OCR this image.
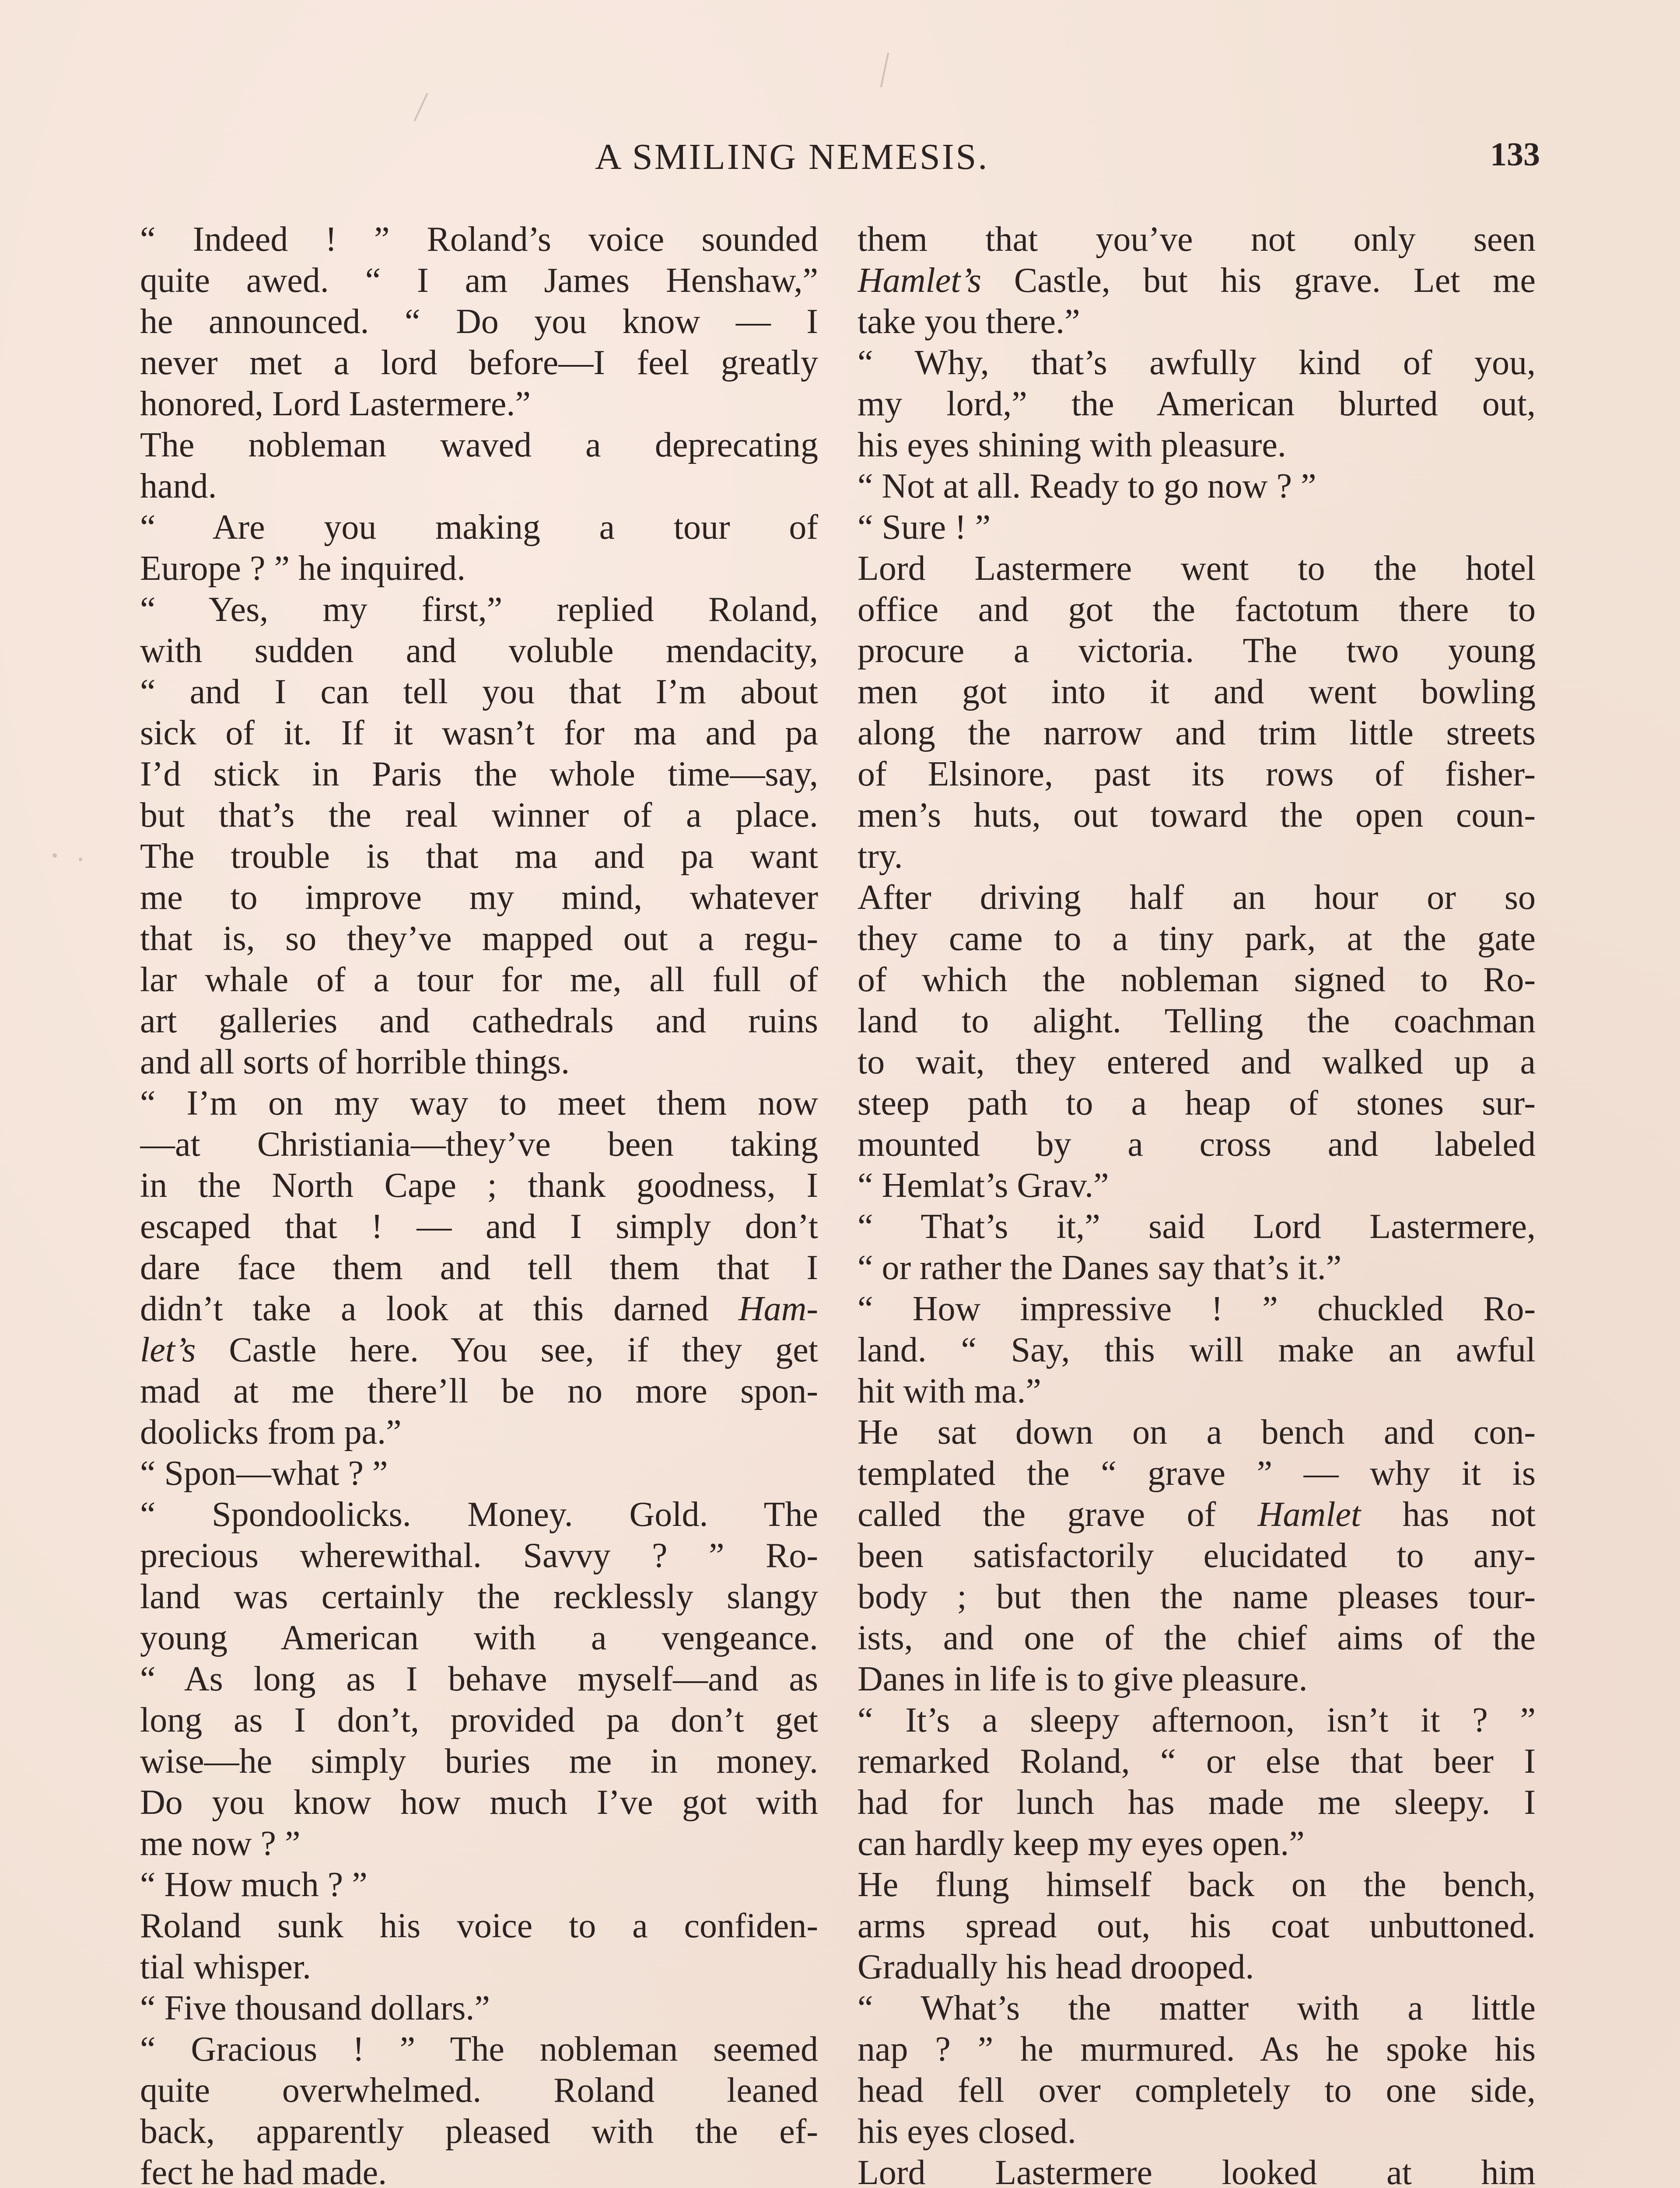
A SMILING NEMESIS.	133
“ Indeed ! ” Roland’s voice sounded
quite awed. “ I am James Henshaw,”
he announced. “ Do you know — I
never met a lord before—I feel greatly
honored, Lord Lastermere.”
The nobleman waved a deprecating
hand.
“ Are you making a tour of
Europe ? ” he inquired.
“ Yes, my first,” replied Roland,
with sudden and voluble mendacity,
“ and I can tell you that I’m about
sick of it. If it wasn’t for ma and pa
I’d stick in Paris the whole time—say,
but that’s the real winner of a place.
The trouble is that ma and pa want
me to improve my mind, whatever
that is, so they’ve mapped out a regu-
lar whale of a tour for me, all full of
art galleries and cathedrals and ruins
and all sorts of horrible things.
“ I’m on my way to meet them now
—at Christiania—they’ve been taking
in the North Cape ; thank goodness, I
escaped that ! — and I simply don’t
dare face them and tell them that I
didn’t take a look at this darned Ham-
let’s Castle here. You see, if they get
mad at me there’ll be no more spon-
doolicks from pa.”
“ Spon—what ? ”
“ Spondoolicks. Money. Gold. The
precious wherewithal. Savvy ? ” Ro-
land was certainly the recklessly slangy
young American with a vengeance.
“ As long as I behave myself—and as
long as I don’t, provided pa don’t get
wise—he simply buries me in money.
Do you know how much I’ve got with
me now ? ”
“ How much ? ”
Roland sunk his voice to a confiden-
tial whisper.
“ Five thousand dollars.”
“ Gracious ! ” The nobleman seemed
quite overwhelmed. Roland leaned
back, apparently pleased with the ef-
fect he had made.
them that you’ve not only seen
Hamlet’s Castle, but his grave. Let me
take you there.”
“ Why, that’s awfully kind of you,
my lord,” the American blurted out,
his eyes shining with pleasure.
“ Not at all. Ready to go now ? ”
“ Sure ! ”
Lord Lastermere went to the hotel
office and got the factotum there to
procure a victoria. The two young
men got into it and went bowling
along the narrow and trim little streets
of Elsinore, past its rows of fisher-
men’s huts, out toward the open coun-
try.
After driving half an hour or so
they came to a tiny park, at the gate
of which the nobleman signed to Ro-
land to alight. Telling the coachman
to wait, they entered and walked up a
steep path to a heap of stones sur-
mounted by a cross and labeled
“ Hemlat’s Grav.”
“ That’s it,” said Lord Lastermere,
“ or rather the Danes say that’s it.”
“ How impressive ! ” chuckled Ro-
land. “ Say, this will make an awful
hit with ma.”
He sat down on a bench and con-
templated the “ grave ” — why it is
called the grave of Hamlet has not
been satisfactorily elucidated to any-
body ; but then the name pleases tour-
ists, and one of the chief aims of the
Danes in life is to give pleasure.
“ It’s a sleepy afternoon, isn’t it ? ”
remarked Roland, “ or else that beer I
had for lunch has made me sleepy. I
can hardly keep my eyes open.”
He flung himself back on the bench,
arms spread out, his coat unbuttoned.
Gradually his head drooped.
“ What’s the matter with a little
nap ? ” he murmured. As he spoke his
head fell over completely to one side,
his eyes closed.
Lord Lastermere looked at him
